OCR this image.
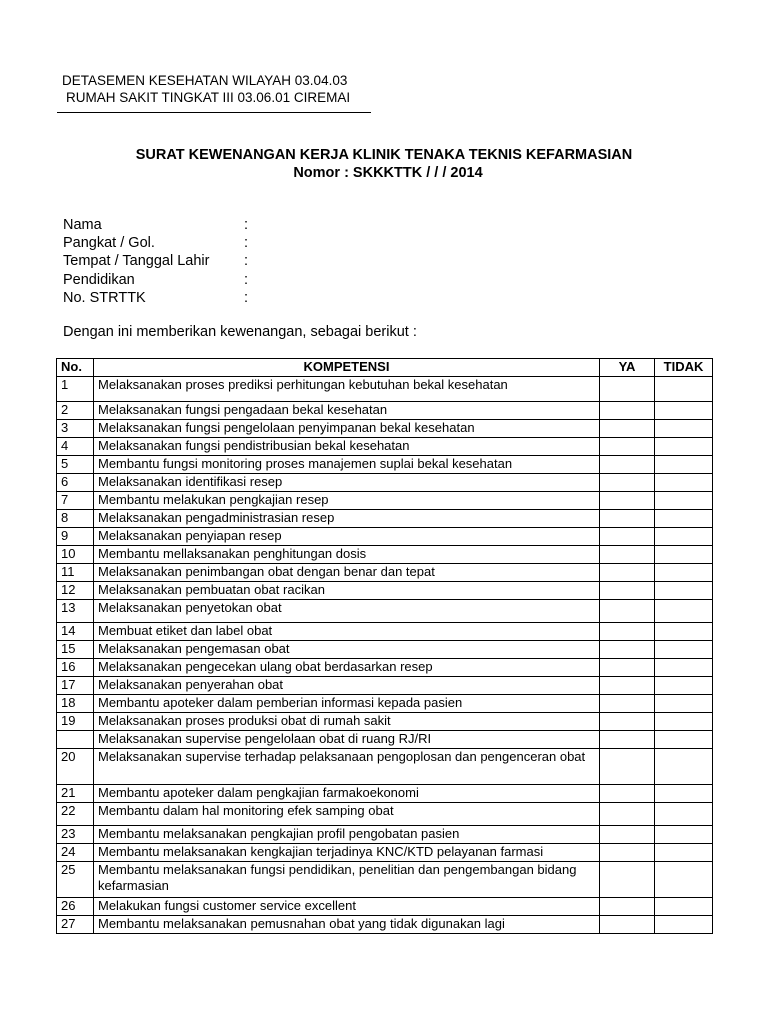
DETASEMEN KESEHATAN WILAYAH 03.04.03
RUMAH SAKIT TINGKAT III 03.06.01 CIREMAI
SURAT KEWENANGAN KERJA KLINIK TENAKA TEKNIS KEFARMASIAN
Nomor : SKKKTTK / / / 2014
Nama	:
Pangkat / Gol.	:
Tempat / Tanggal Lahir	:
Pendidikan	:
No. STRTTK	:
Dengan ini memberikan kewenangan, sebagai berikut :
No.	KOMPETENSI	YA	TIDAK
1	Melaksanakan proses prediksi perhitungan kebutuhan bekal kesehatan		
2	Melaksanakan fungsi pengadaan bekal kesehatan		
3	Melaksanakan fungsi pengelolaan penyimpanan bekal kesehatan		
4	Melaksanakan fungsi pendistribusian bekal kesehatan		
5	Membantu fungsi monitoring proses manajemen suplai bekal kesehatan		
6	Melaksanakan identifikasi resep		
7	Membantu melakukan pengkajian resep		
8	Melaksanakan pengadministrasian resep		
9	Melaksanakan penyiapan resep		
10	Membantu mellaksanakan penghitungan dosis		
11	Melaksanakan penimbangan obat dengan benar dan tepat		
12	Melaksanakan pembuatan obat racikan		
13	Melaksanakan penyetokan obat		
14	Membuat etiket dan label obat		
15	Melaksanakan pengemasan obat		
16	Melaksanakan pengecekan ulang obat berdasarkan resep		
17	Melaksanakan penyerahan obat		
18	Membantu apoteker dalam pemberian informasi kepada pasien		
19	Melaksanakan proses produksi obat di rumah sakit		
	Melaksanakan supervise pengelolaan obat di ruang RJ/RI		
20	Melaksanakan supervise terhadap pelaksanaan pengoplosan dan pengenceran obat		
21	Membantu apoteker dalam pengkajian farmakoekonomi		
22	Membantu dalam hal monitoring efek samping obat		
23	Membantu melaksanakan pengkajian profil pengobatan pasien		
24	Membantu melaksanakan kengkajian terjadinya KNC/KTD pelayanan farmasi		
25	Membantu melaksanakan fungsi pendidikan, penelitian dan pengembangan bidang kefarmasian		
26	Melakukan fungsi customer service excellent		
27	Membantu melaksanakan pemusnahan obat yang tidak digunakan lagi		
